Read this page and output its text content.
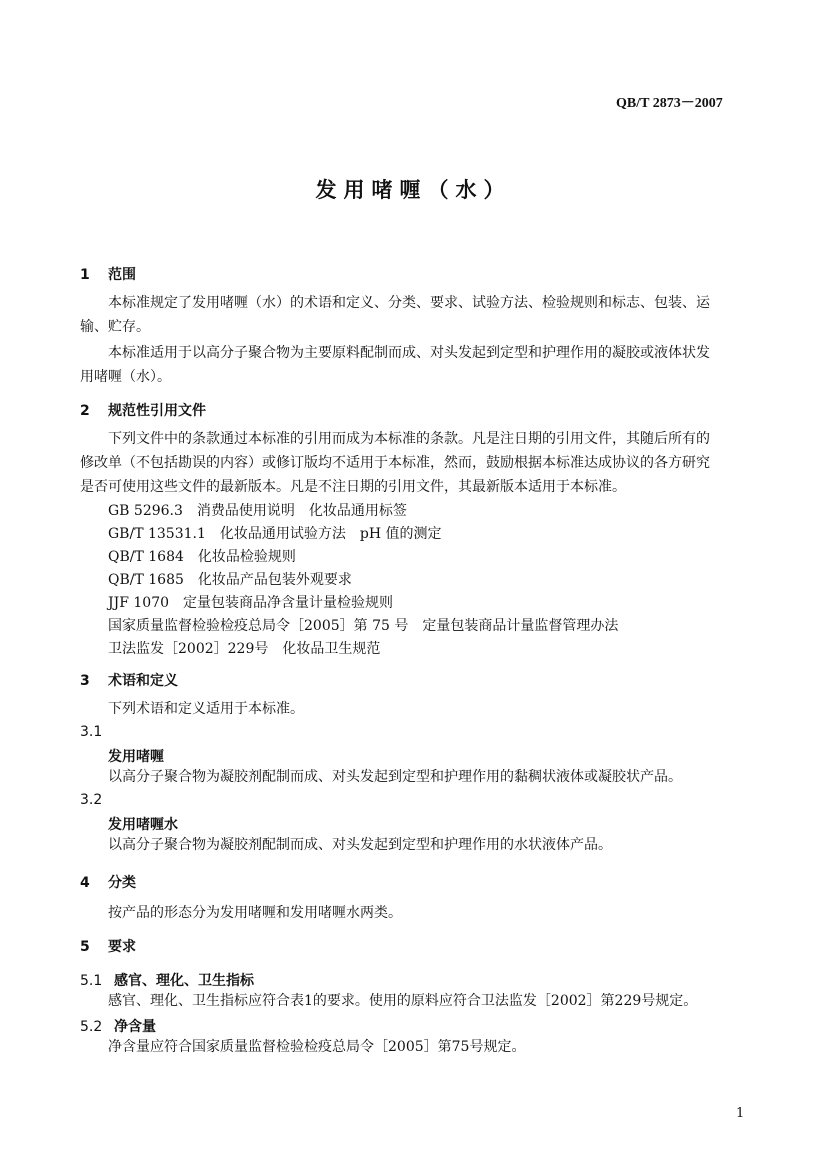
QB/T 2873－2007
发用啫喱（水）
1 范围
本标准规定了发用啫喱（水）的术语和定义、分类、要求、试验方法、检验规则和标志、包装、运
输、贮存。
本标准适用于以高分子聚合物为主要原料配制而成、对头发起到定型和护理作用的凝胶或液体状发
用啫喱（水）。
2 规范性引用文件
下列文件中的条款通过本标准的引用而成为本标准的条款。凡是注日期的引用文件，其随后所有的
修改单（不包括勘误的内容）或修订版均不适用于本标准，然而，鼓励根据本标准达成协议的各方研究
是否可使用这些文件的最新版本。凡是不注日期的引用文件，其最新版本适用于本标准。
GB 5296.3　消费品使用说明　化妆品通用标签
GB/T 13531.1　化妆品通用试验方法　pH 值的测定
QB/T 1684　化妆品检验规则
QB/T 1685　化妆品产品包装外观要求
JJF 1070　定量包装商品净含量计量检验规则
国家质量监督检验检疫总局令［2005］第 75 号　定量包装商品计量监督管理办法
卫法监发［2002］229号　化妆品卫生规范
3 术语和定义
下列术语和定义适用于本标准。
3.1
发用啫喱
以高分子聚合物为凝胶剂配制而成、对头发起到定型和护理作用的黏稠状液体或凝胶状产品。
3.2
发用啫喱水
以高分子聚合物为凝胶剂配制而成、对头发起到定型和护理作用的水状液体产品。
4 分类
按产品的形态分为发用啫喱和发用啫喱水两类。
5 要求
5.1 感官、理化、卫生指标
感官、理化、卫生指标应符合表1的要求。使用的原料应符合卫法监发［2002］第229号规定。
5.2 净含量
净含量应符合国家质量监督检验检疫总局令［2005］第75号规定。
1
